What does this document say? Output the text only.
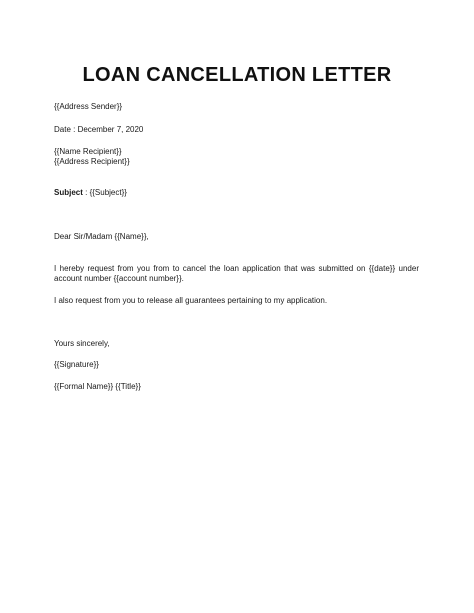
LOAN CANCELLATION LETTER
{{Address Sender}}
Date : December 7, 2020
{{Name Recipient}}
{{Address Recipient}}
Subject : {{Subject}}
Dear Sir/Madam {{Name}},
I hereby request from you from to cancel the loan application that was submitted on {{date}} under account number {{account number}}.
I also request from you to release all guarantees pertaining to my application.
Yours sincerely,
{{Signature}}
{{Formal Name}} {{Title}}
